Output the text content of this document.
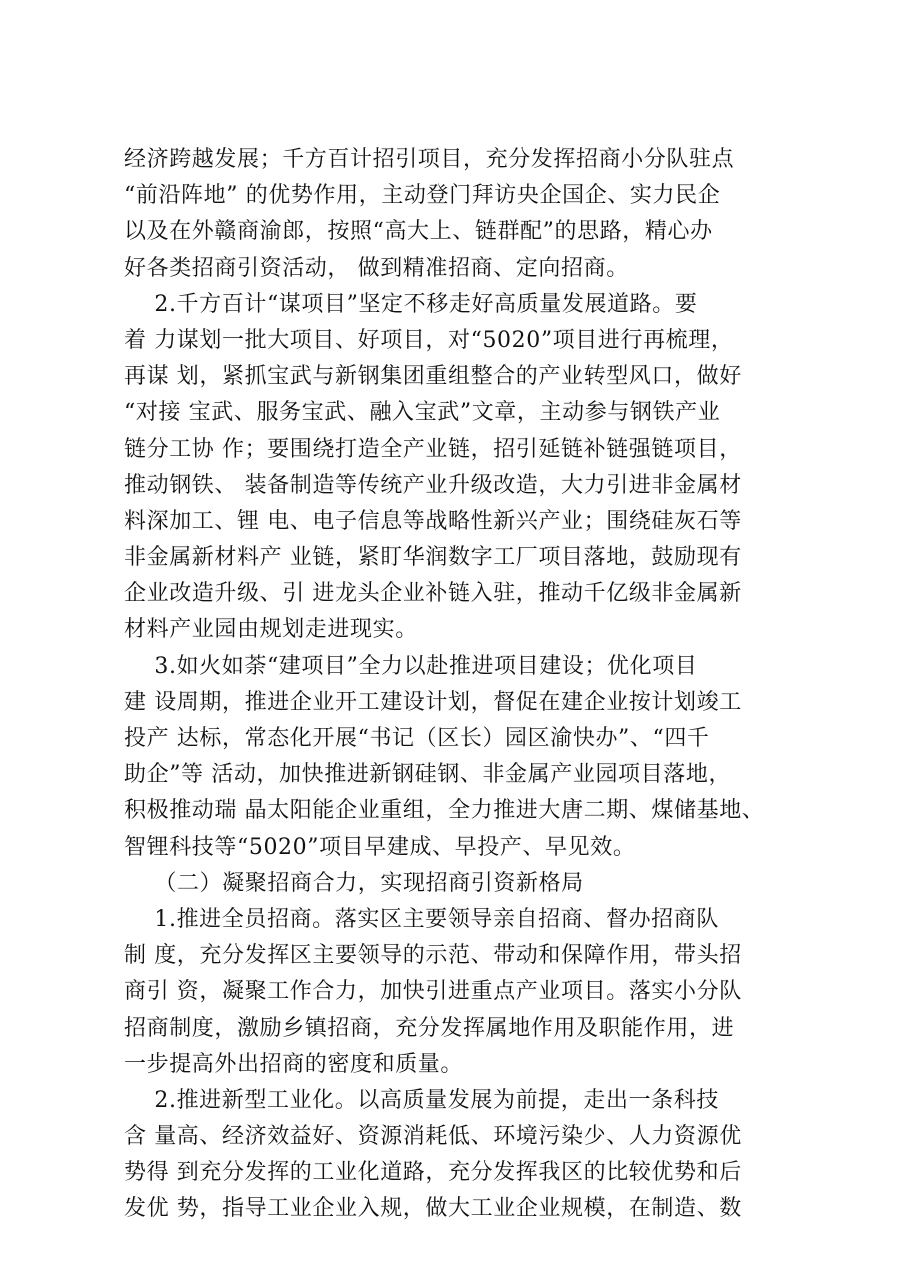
经济跨越发展；千方百计招引项目，充分发挥招商小分队驻点
“前沿阵地” 的优势作用，主动登门拜访央企国企、实力民企
以及在外赣商渝郎，按照“高大上、链群配”的思路，精心办
好各类招商引资活动， 做到精准招商、定向招商。
2.千方百计“谋项目”坚定不移走好高质量发展道路。要
着 力谋划一批大项目、好项目，对“5020”项目进行再梳理，
再谋 划，紧抓宝武与新钢集团重组整合的产业转型风口，做好
“对接 宝武、服务宝武、融入宝武”文章，主动参与钢铁产业
链分工协 作；要围绕打造全产业链，招引延链补链强链项目，
推动钢铁、 装备制造等传统产业升级改造，大力引进非金属材
料深加工、锂 电、电子信息等战略性新兴产业；围绕硅灰石等
非金属新材料产 业链，紧盯华润数字工厂项目落地，鼓励现有
企业改造升级、引 进龙头企业补链入驻，推动千亿级非金属新
材料产业园由规划走进现实。
3.如火如荼“建项目”全力以赴推进项目建设；优化项目
建 设周期，推进企业开工建设计划，督促在建企业按计划竣工
投产 达标，常态化开展“书记（区长）园区渝快办”、“四千
助企”等 活动，加快推进新钢硅钢、非金属产业园项目落地，
积极推动瑞 晶太阳能企业重组，全力推进大唐二期、煤储基地、
智锂科技等“5020”项目早建成、早投产、早见效。
（二）凝聚招商合力，实现招商引资新格局
1.推进全员招商。落实区主要领导亲自招商、督办招商队
制 度，充分发挥区主要领导的示范、带动和保障作用，带头招
商引 资，凝聚工作合力，加快引进重点产业项目。落实小分队
招商制度，激励乡镇招商，充分发挥属地作用及职能作用，进
一步提高外出招商的密度和质量。
2.推进新型工业化。以高质量发展为前提，走出一条科技
含 量高、经济效益好、资源消耗低、环境污染少、人力资源优
势得 到充分发挥的工业化道路，充分发挥我区的比较优势和后
发优 势，指导工业企业入规，做大工业企业规模，在制造、数
